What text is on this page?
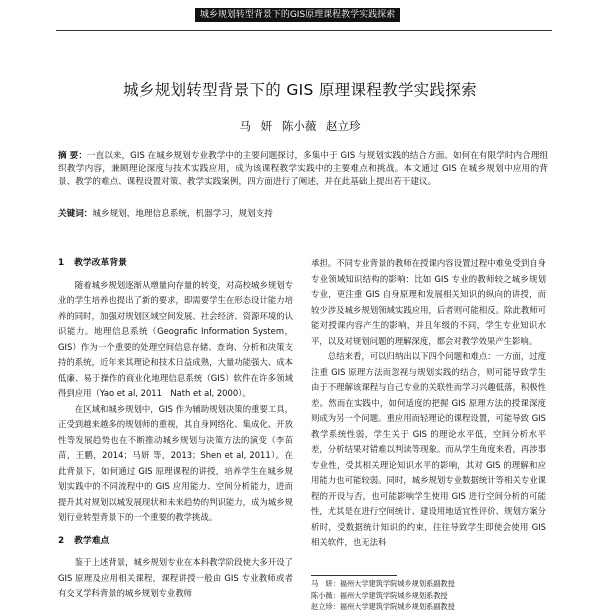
城乡规划转型背景下的GIS原理课程教学实践探索
城乡规划转型背景下的 GIS 原理课程教学实践探索
马 妍 陈小薇 赵立珍
摘 要：一直以来，GIS 在城乡规划专业教学中的主要问题探讨，多集中于 GIS 与规划实践的结合方面。如何在有限学时内合理组织教学内容，兼顾理论深度与技术实践应用，成为该课程教学实践中的主要难点和挑战。本文通过 GIS 在城乡规划中应用的背景、教学的难点、课程设置对策、教学实践案例，四方面进行了阐述，并在此基础上提出若干建议。
关键词：城乡规划，地理信息系统，机器学习，规划支持
1 教学改革背景

随着城乡规划逐渐从增量向存量的转变，对高校城乡规划专业的学生培养也提出了新的要求，即需要学生在形态设计能力培养的同时，加强对规划区域空间发展、社会经济、资源环境的认识能力。地理信息系统（Geografic Information System，GIS）作为一个重要的处理空间信息存储、查询、分析和决策支持的系统，近年来其理论和技术日益成熟，大量功能强大、成本低廉、易于操作的商业化地理信息系统（GIS）软件在许多领域得到应用（Yao et al, 2011　Nath et al, 2000）。

在区域和城乡规划中，GIS 作为辅助规划决策的重要工具，正受到越来越多的规划师的重视，其自身网络化、集成化、开放性等发展趋势也在不断推动城乡规划与决策方法的演变（李苗苗，王鹏，2014；马妍 等，2013；Shen et al, 2011）。在此背景下，如何通过 GIS 原理课程的讲授，培养学生在城乡规划实践中的不同流程中的 GIS 应用能力、空间分析能力，进而提升其对规划以城发展现状和未来趋势的判识能力，成为城乡规划行业转型背景下的一个重要的教学挑战。

2 教学难点

鉴于上述背景，城乡规划专业在本科教学阶段使大多开设了 GIS 原理及应用相关课程，课程讲授一般由 GIS 专业教师或者有交叉学科背景的城乡规划专业教师

承担。不同专业背景的教师在授课内容设置过程中难免受到自身专业领域知识结构的影响：比如 GIS 专业的教师较之城乡规划专业，更注重 GIS 自身原理和发展相关知识的纵向的讲授，而较少涉及城乡规划领域实践应用，后者则可能相反。除此教师可能对授课内容产生的影响，并且年级的不同，学生专业知识水平，以及对规划问题的理解深度，都会对教学效果产生影响。

总结来看，可以归纳出以下四个问题和难点：一方面，过度注重 GIS 原理方法而忽视与规划实践的结合，则可能导致学生由于不理解该课程与自己专业的关联性而学习兴趣低落，积极性差。然而在实践中，如何适度的把握 GIS 原理方法的授课深度则成为另一个问题。重应用而轻理论的课程设置，可能导致 GIS 教学系统性弱，学生关于 GIS 的理论水平低，空间分析水平差，分析结果对错难以判读等现象。而从学生角度来看，再涉事专业性，受其相关理论知识水平的影响，其对 GIS 的理解和应用能力也可能较弱。同时，城乡规划专业数据统计等相关专业课程的开设与否，也可能影响学生使用 GIS 进行空间分析的可能性，尤其是在进行空间统计、建设用地适宜性评价、规划方案分析时，受数据统计知识的约束，往往导致学生即使会使用 GIS 相关软件，也无法科

马　妍：福州大学建筑学院城乡规划系副教授
陈小薇：福州大学建筑学院城乡规划系教授
赵立珍：福州大学建筑学院城乡规划系副教授
